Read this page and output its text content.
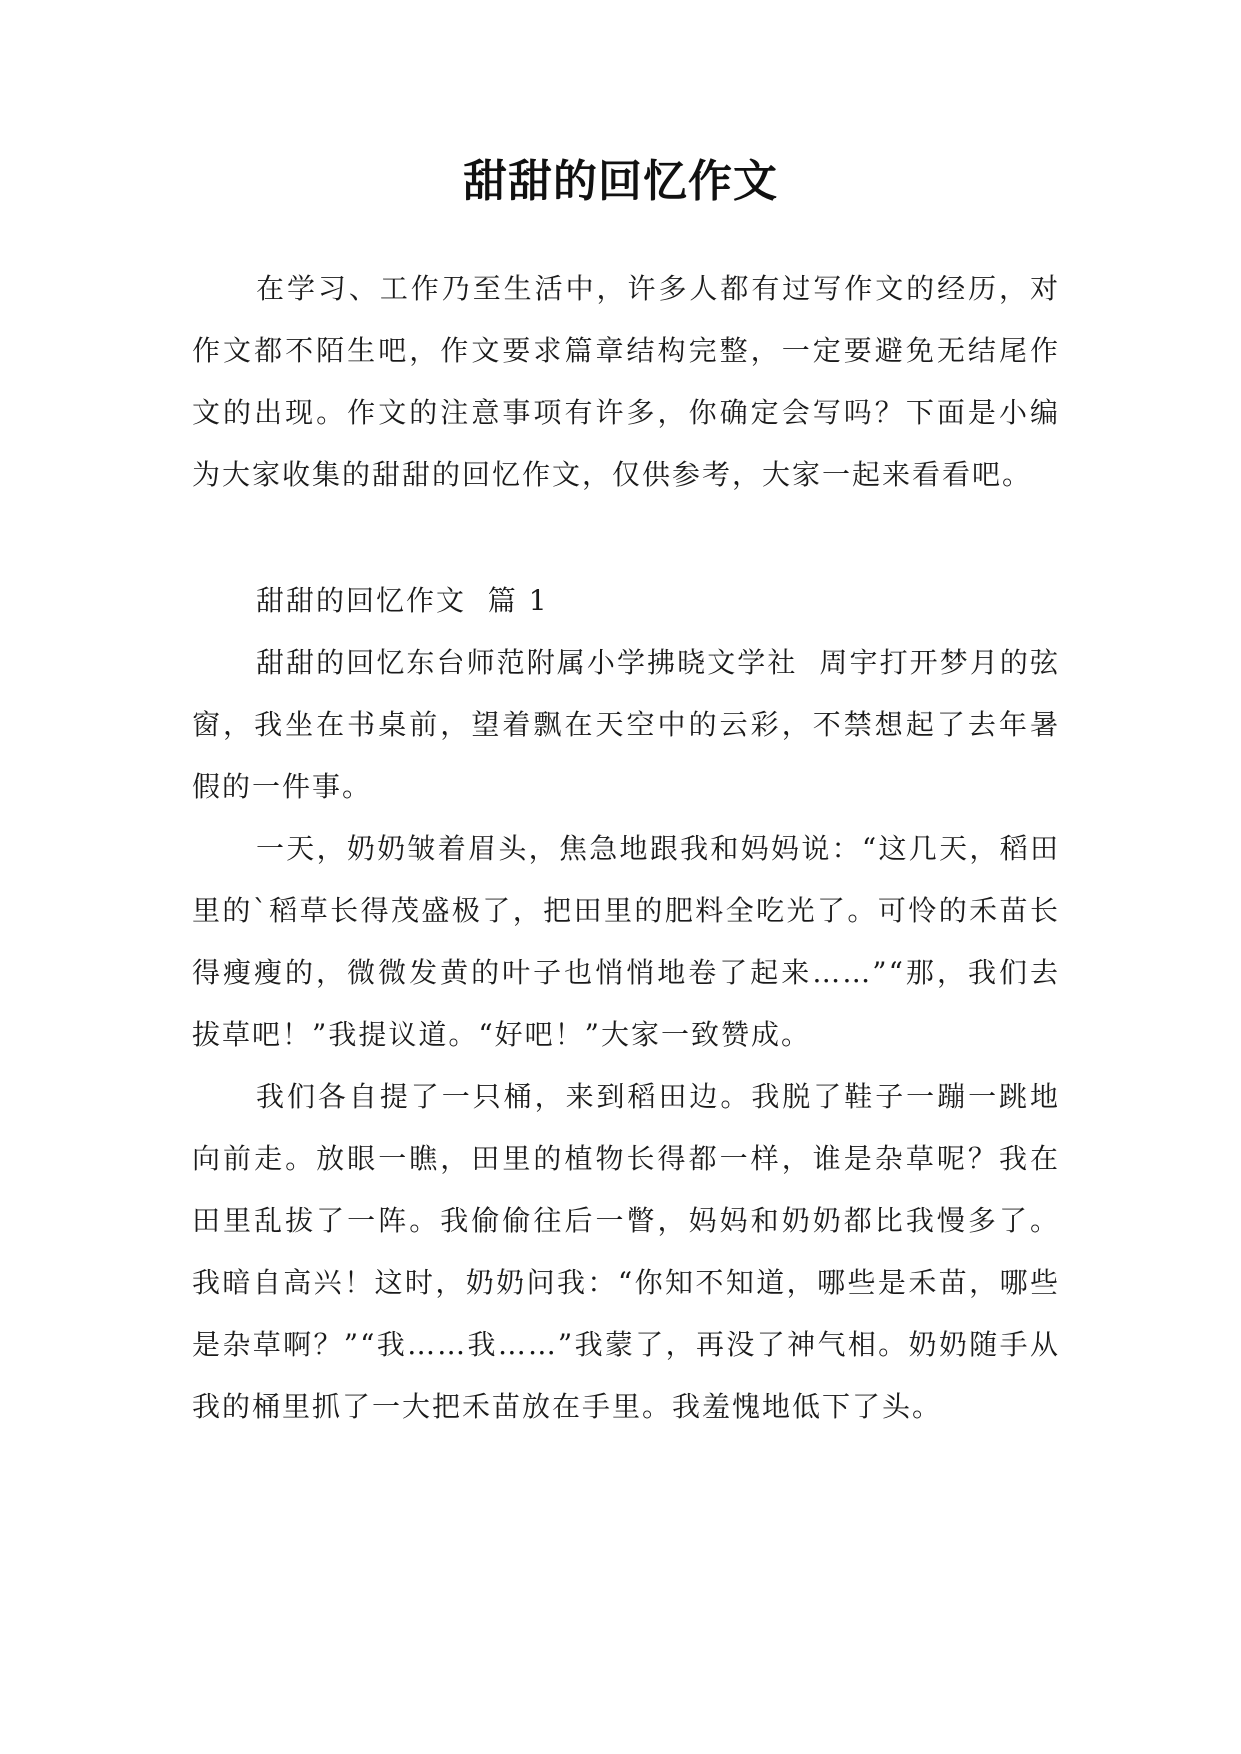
甜甜的回忆作文

在学习、工作乃至生活中，许多人都有过写作文的经历，对作文都不陌生吧，作文要求篇章结构完整，一定要避免无结尾作文的出现。作文的注意事项有许多，你确定会写吗？下面是小编为大家收集的甜甜的回忆作文，仅供参考，大家一起来看看吧。

甜甜的回忆作文  篇 1

甜甜的回忆东台师范附属小学拂晓文学社  周宇打开梦月的弦窗，我坐在书桌前，望着飘在天空中的云彩，不禁想起了去年暑假的一件事。

一天，奶奶皱着眉头，焦急地跟我和妈妈说：“这几天，稻田里的`稻草长得茂盛极了，把田里的肥料全吃光了。可怜的禾苗长得瘦瘦的，微微发黄的叶子也悄悄地卷了起来……”“那，我们去拔草吧！”我提议道。“好吧！”大家一致赞成。

我们各自提了一只桶，来到稻田边。我脱了鞋子一蹦一跳地向前走。放眼一瞧，田里的植物长得都一样，谁是杂草呢？我在田里乱拔了一阵。我偷偷往后一瞥，妈妈和奶奶都比我慢多了。我暗自高兴！这时，奶奶问我：“你知不知道，哪些是禾苗，哪些是杂草啊？”“我……我……”我蒙了，再没了神气相。奶奶随手从我的桶里抓了一大把禾苗放在手里。我羞愧地低下了头。
